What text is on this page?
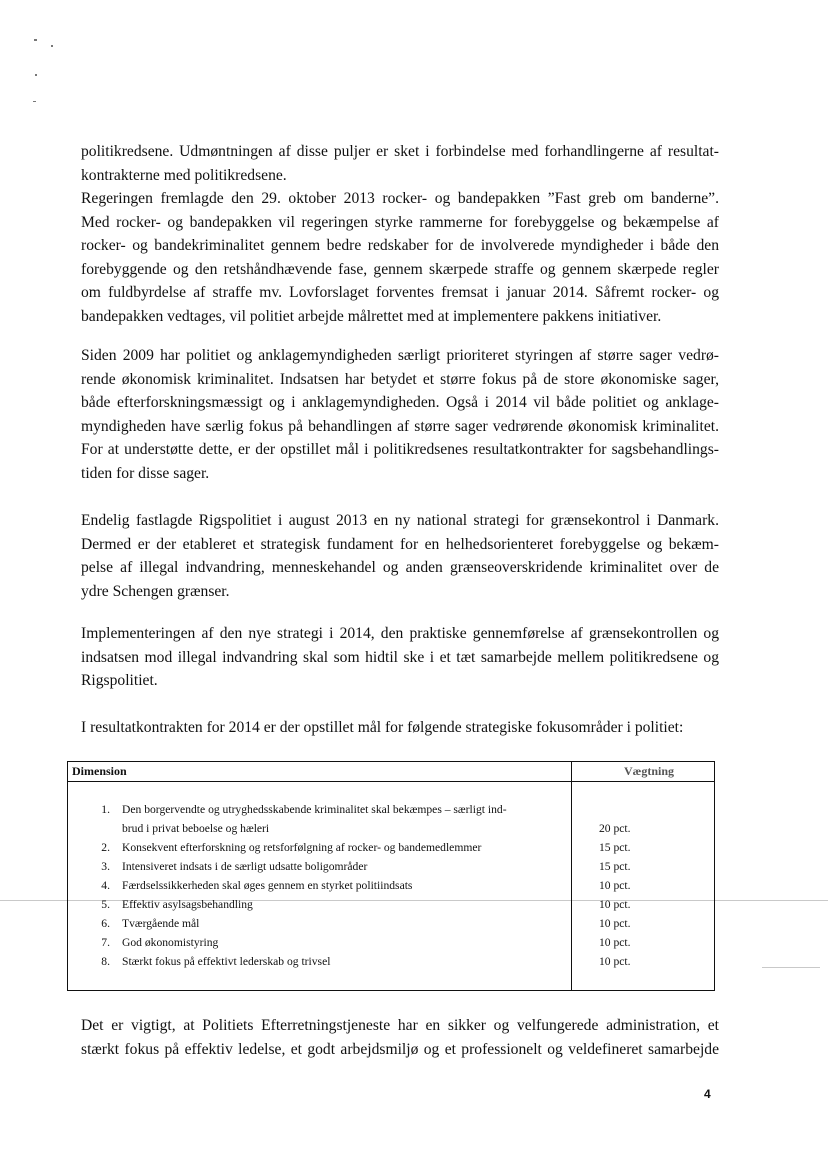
politikredsene. Udmøntningen af disse puljer er sket i forbindelse med forhandlingerne af resultat-
kontrakterne med politikredsene.
Regeringen fremlagde den 29. oktober 2013 rocker- og bandepakken ”Fast greb om banderne”.
Med rocker- og bandepakken vil regeringen styrke rammerne for forebyggelse og bekæmpelse af
rocker- og bandekriminalitet gennem bedre redskaber for de involverede myndigheder i både den
forebyggende og den retshåndhævende fase, gennem skærpede straffe og gennem skærpede regler
om fuldbyrdelse af straffe mv. Lovforslaget forventes fremsat i januar 2014. Såfremt rocker- og
bandepakken vedtages, vil politiet arbejde målrettet med at implementere pakkens initiativer.
Siden 2009 har politiet og anklagemyndigheden særligt prioriteret styringen af større sager vedrø-
rende økonomisk kriminalitet. Indsatsen har betydet et større fokus på de store økonomiske sager,
både efterforskningsmæssigt og i anklagemyndigheden. Også i 2014 vil både politiet og anklage-
myndigheden have særlig fokus på behandlingen af større sager vedrørende økonomisk kriminalitet.
For at understøtte dette, er der opstillet mål i politikredsenes resultatkontrakter for sagsbehandlings-
tiden for disse sager.
Endelig fastlagde Rigspolitiet i august 2013 en ny national strategi for grænsekontrol i Danmark.
Dermed er der etableret et strategisk fundament for en helhedsorienteret forebyggelse og bekæm-
pelse af illegal indvandring, menneskehandel og anden grænseoverskridende kriminalitet over de
ydre Schengen grænser.
Implementeringen af den nye strategi i 2014, den praktiske gennemførelse af grænsekontrollen og
indsatsen mod illegal indvandring skal som hidtil ske i et tæt samarbejde mellem politikredsene og
Rigspolitiet.
I resultatkontrakten for 2014 er der opstillet mål for følgende strategiske fokusområder i politiet:
Dimension	Vægtning
1. Den borgervendte og utryghedsskabende kriminalitet skal bekæmpes – særligt ind-
brud i privat beboelse og hæleri	20 pct.
2. Konsekvent efterforskning og retsforfølgning af rocker- og bandemedlemmer	15 pct.
3. Intensiveret indsats i de særligt udsatte boligområder	15 pct.
4. Færdselssikkerheden skal øges gennem en styrket politiindsats	10 pct.
5. Effektiv asylsagsbehandling	10 pct.
6. Tværgående mål	10 pct.
7. God økonomistyring	10 pct.
8. Stærkt fokus på effektivt lederskab og trivsel	10 pct.
Det er vigtigt, at Politiets Efterretningstjeneste har en sikker og velfungerede administration, et
stærkt fokus på effektiv ledelse, et godt arbejdsmiljø og et professionelt og veldefineret samarbejde
4
